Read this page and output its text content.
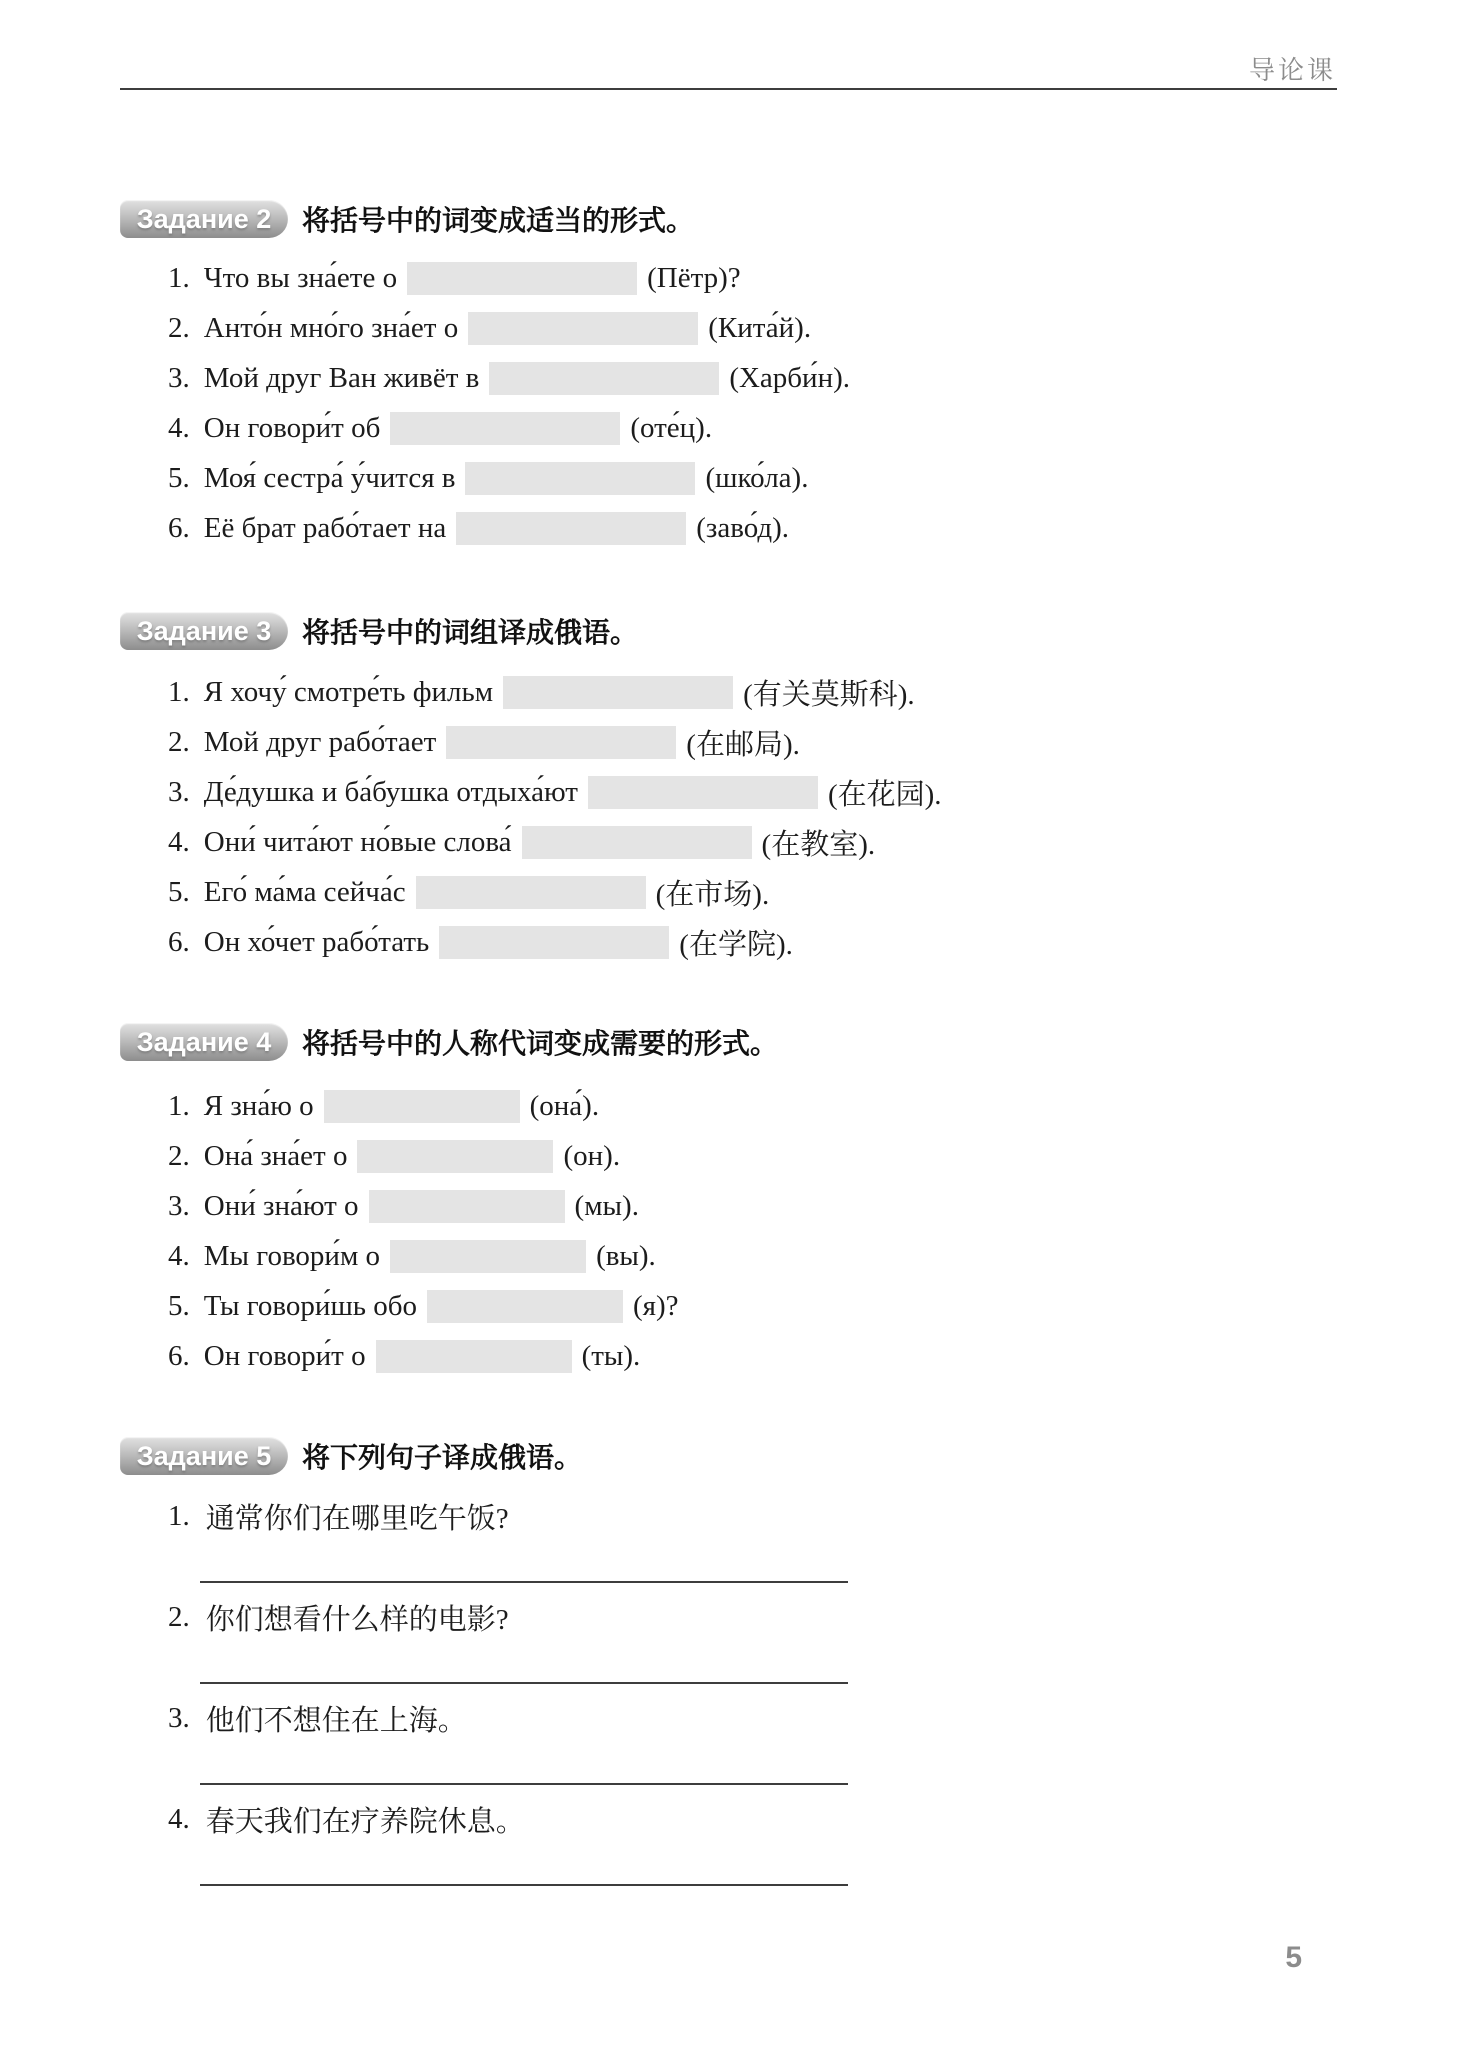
导论课
Задание 2	将括号中的词变成适当的形式。
1. Что вы зна́ете о	(Пётр)?
2. Анто́н мно́го зна́ет о	(Кита́й).
3. Мой друг Ван живёт в	(Харби́н).
4. Он говори́т об	(оте́ц).
5. Моя́ сестра́ у́чится в	(шко́ла).
6. Её брат рабо́тает на	(заво́д).
Задание 3	将括号中的词组译成俄语。
1. Я хочу́ смотре́ть фильм	(有关莫斯科).
2. Мой друг рабо́тает	(在邮局).
3. Де́душка и ба́бушка отдыха́ют	(在花园).
4. Они́ чита́ют но́вые слова́	(在教室).
5. Его́ ма́ма сейча́с	(在市场).
6. Он хо́чет рабо́тать	(在学院).
Задание 4	将括号中的人称代词变成需要的形式。
1. Я зна́ю о	(она́).
2. Она́ зна́ет о	(он).
3. Они́ зна́ют о	(мы).
4. Мы говори́м о	(вы).
5. Ты говори́шь обо	(я)?
6. Он говори́т о	(ты).
Задание 5	将下列句子译成俄语。
1. 通常你们在哪里吃午饭?
2. 你们想看什么样的电影?
3. 他们不想住在上海。
4. 春天我们在疗养院休息。
5
